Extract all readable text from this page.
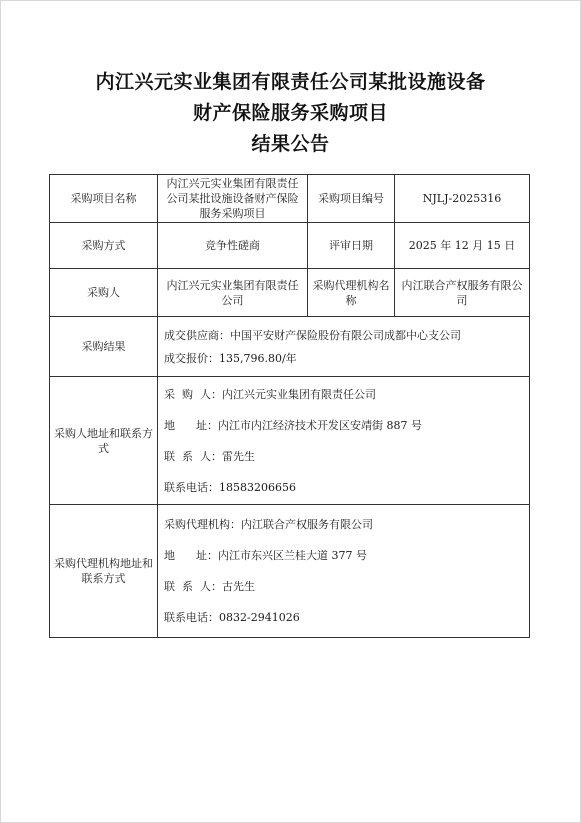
内江兴元实业集团有限责任公司某批设施设备
财产保险服务采购项目
结果公告
采购项目名称	内江兴元实业集团有限责任公司某批设施设备财产保险服务采购项目	采购项目编号	NJLJ-2025316
采购方式	竞争性磋商	评审日期	2025 年 12 月 15 日
采购人	内江兴元实业集团有限责任公司	采购代理机构名称	内江联合产权服务有限公司
采购结果	成交供应商：中国平安财产保险股份有限公司成都中心支公司
成交报价：135,796.80/年		

采购人地址和联系方式	采  购  人：内江兴元实业集团有限责任公司
地      址：内江市内江经济技术开发区安靖街 887 号
联  系  人：雷先生
联系电话：18583206656		

采购代理机构地址和联系方式	采购代理机构：内江联合产权服务有限公司
地      址：内江市东兴区兰桂大道 377 号
联  系  人：古先生
联系电话：0832-2941026		
